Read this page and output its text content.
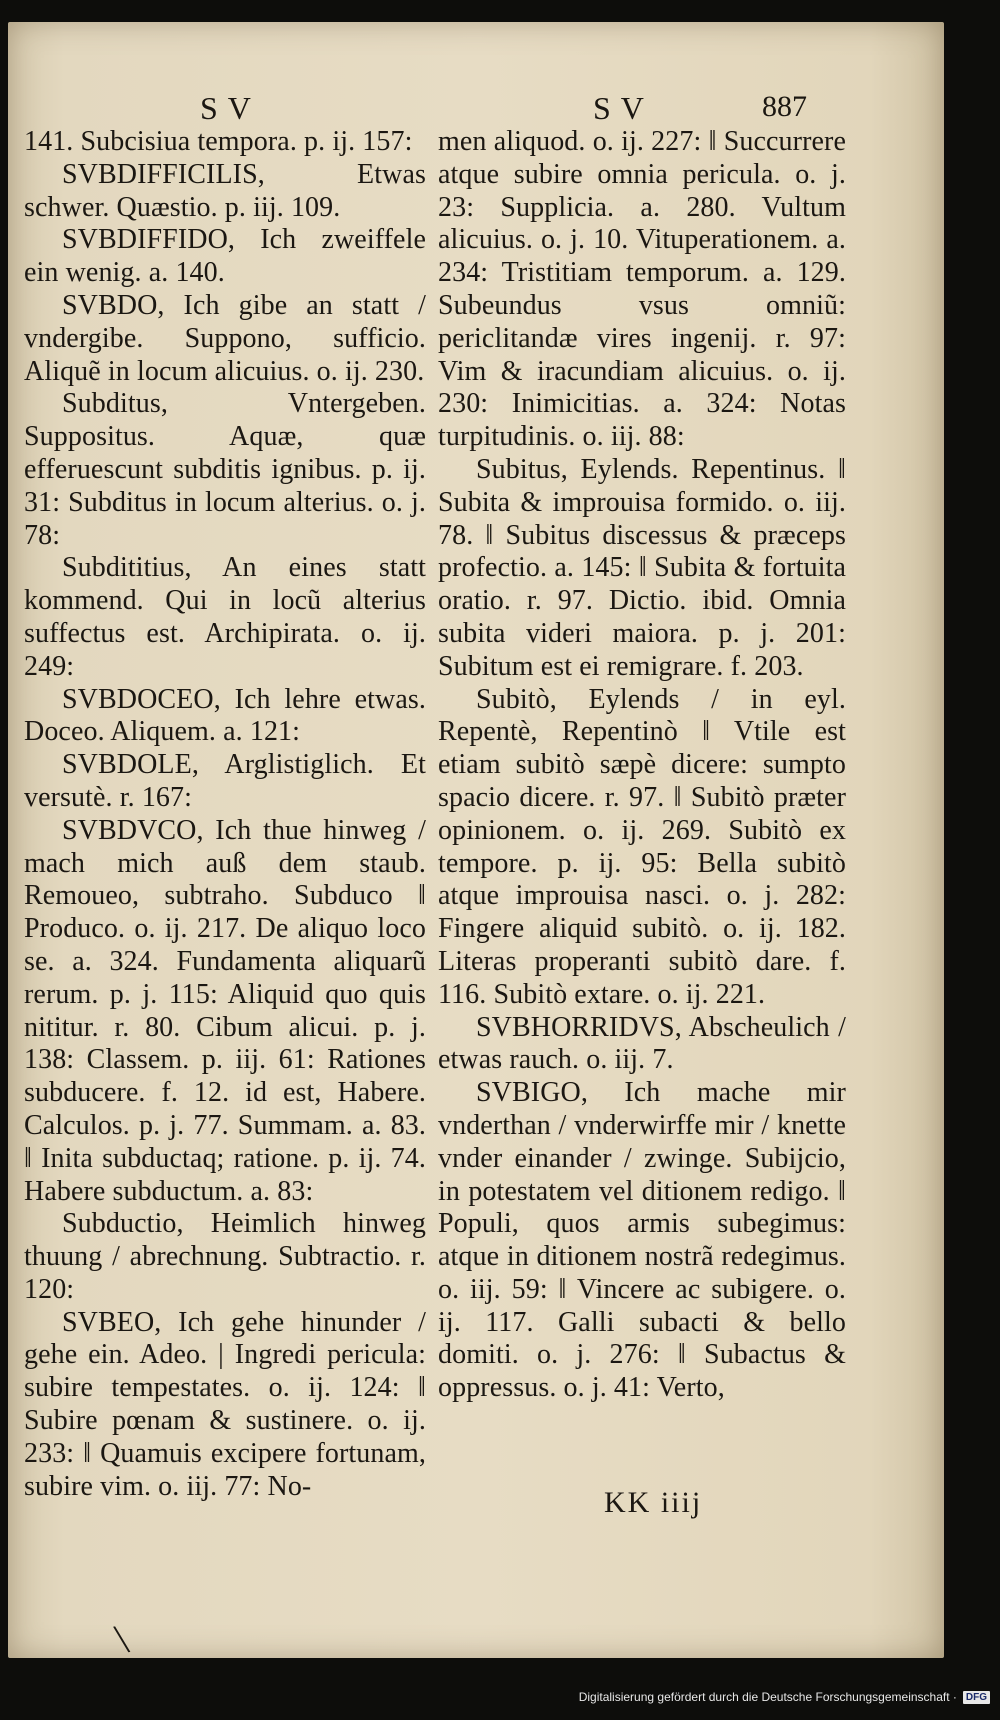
SV	SV	887

141. Subcisiua tempora. p. ij. 157:

SVBDIFFICILIS, Etwas schwer. Quæstio. p. iij. 109.

SVBDIFFIDO, Ich zweiffele ein wenig. a. 140.

SVBDO, Ich gibe an statt / vndergibe. Suppono, sufficio. Aliquẽ in locum alicuius. o. ij. 230.

Subditus, Vntergeben. Suppositus. Aquæ, quæ efferuescunt subditis ignibus. p. ij. 31: Subditus in locum alterius. o. j. 78:

Subdititius, An eines statt kommend. Qui in locũ alterius suffectus est. Archipirata. o. ij. 249:

SVBDOCEO, Ich lehre etwas. Doceo. Aliquem. a. 121:

SVBDOLE, Arglistiglich. Et versutè. r. 167:

SVBDVCO, Ich thue hinweg / mach mich auß dem staub. Remoueo, subtraho. Subduco ‖ Produco. o. ij. 217. De aliquo loco se. a. 324. Fundamenta aliquarũ rerum. p. j. 115: Aliquid quo quis nititur. r. 80. Cibum alicui. p. j. 138: Classem. p. iij. 61: Rationes subducere. f. 12. id est, Habere. Calculos. p. j. 77. Summam. a. 83. ‖ Inita subductaq; ratione. p. ij. 74. Habere subductum. a. 83:

Subductio, Heimlich hinweg thuung / abrechnung. Subtractio. r. 120:

SVBEO, Ich gehe hinunder / gehe ein. Adeo. | Ingredi pericula: subire tempestates. o. ij. 124: ‖ Subire pœnam & sustinere. o. ij. 233: ‖ Quamuis excipere fortunam, subire vim. o. iij. 77: No-

men aliquod. o. ij. 227: ‖ Succurrere atque subire omnia pericula. o. j. 23: Supplicia. a. 280. Vultum alicuius. o. j. 10. Vituperationem. a. 234: Tristitiam temporum. a. 129. Subeundus vsus omniũ: periclitandæ vires ingenij. r. 97: Vim & iracundiam alicuius. o. ij. 230: Inimicitias. a. 324: Notas turpitudinis. o. iij. 88:

Subitus, Eylends. Repentinus. ‖ Subita & improuisa formido. o. iij. 78. ‖ Subitus discessus & præceps profectio. a. 145: ‖ Subita & fortuita oratio. r. 97. Dictio. ibid. Omnia subita videri maiora. p. j. 201: Subitum est ei remigrare. f. 203.

Subitò, Eylends / in eyl. Repentè, Repentinò ‖ Vtile est etiam subitò sæpè dicere: sumpto spacio dicere. r. 97. ‖ Subitò præter opinionem. o. ij. 269. Subitò ex tempore. p. ij. 95: Bella subitò atque improuisa nasci. o. j. 282: Fingere aliquid subitò. o. ij. 182. Literas properanti subitò dare. f. 116. Subitò extare. o. ij. 221.

SVBHORRIDVS, Abscheulich / etwas rauch. o. iij. 7.

SVBIGO, Ich mache mir vnderthan / vnderwirffe mir / knette vnder einander / zwinge. Subijcio, in potestatem vel ditionem redigo. ‖ Populi, quos armis subegimus: atque in ditionem nostrã redegimus. o. iij. 59: ‖ Vincere ac subigere. o. ij. 117. Galli subacti & bello domiti. o. j. 276: ‖ Subactus & oppressus. o. j. 41: Verto,

KK iiij
\
Digitalisierung gefördert durch die Deutsche Forschungsgemeinschaft · DFG
